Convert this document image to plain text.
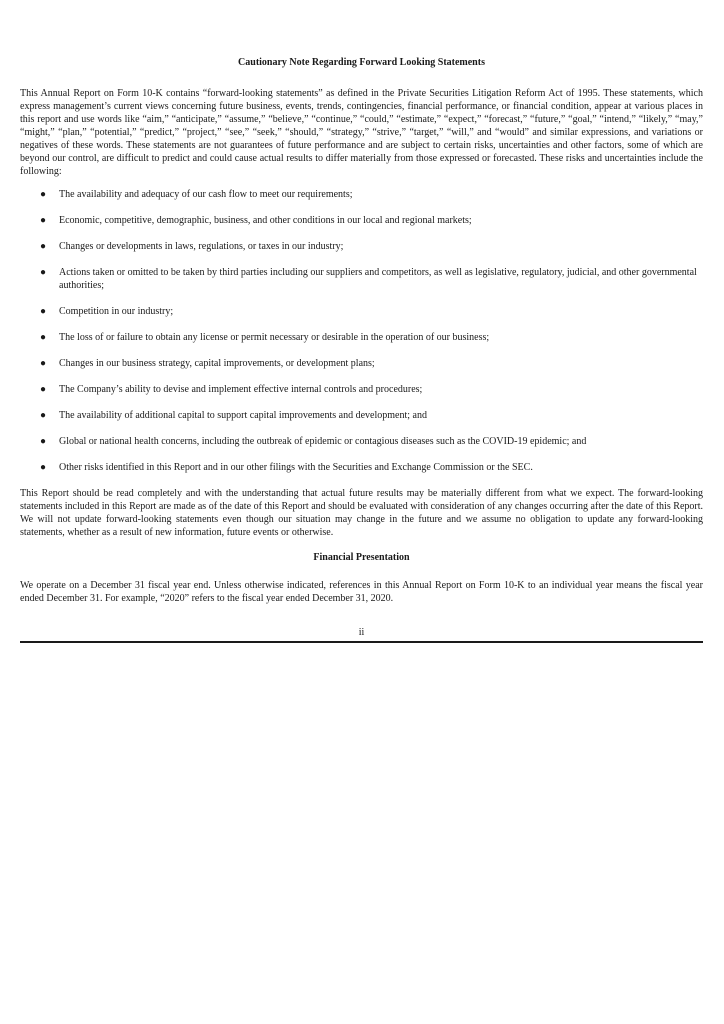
Cautionary Note Regarding Forward Looking Statements

This Annual Report on Form 10-K contains “forward-looking statements” as defined in the Private Securities Litigation Reform Act of 1995. These statements, which express management’s current views concerning future business, events, trends, contingencies, financial performance, or financial condition, appear at various places in this report and use words like “aim,” “anticipate,” “assume,” “believe,” “continue,” “could,” “estimate,” “expect,” “forecast,” “future,” “goal,” “intend,” “likely,” “may,” “might,” “plan,” “potential,” “predict,” “project,” “see,” “seek,” “should,” “strategy,” “strive,” “target,” “will,” and “would” and similar expressions, and variations or negatives of these words. These statements are not guarantees of future performance and are subject to certain risks, uncertainties and other factors, some of which are beyond our control, are difficult to predict and could cause actual results to differ materially from those expressed or forecasted. These risks and uncertainties include the following:

● The availability and adequacy of our cash flow to meet our requirements;
● Economic, competitive, demographic, business, and other conditions in our local and regional markets;
● Changes or developments in laws, regulations, or taxes in our industry;
● Actions taken or omitted to be taken by third parties including our suppliers and competitors, as well as legislative, regulatory, judicial, and other governmental authorities;
● Competition in our industry;
● The loss of or failure to obtain any license or permit necessary or desirable in the operation of our business;
● Changes in our business strategy, capital improvements, or development plans;
● The Company’s ability to devise and implement effective internal controls and procedures;
● The availability of additional capital to support capital improvements and development; and
● Global or national health concerns, including the outbreak of epidemic or contagious diseases such as the COVID-19 epidemic; and
● Other risks identified in this Report and in our other filings with the Securities and Exchange Commission or the SEC.

This Report should be read completely and with the understanding that actual future results may be materially different from what we expect. The forward-looking statements included in this Report are made as of the date of this Report and should be evaluated with consideration of any changes occurring after the date of this Report. We will not update forward-looking statements even though our situation may change in the future and we assume no obligation to update any forward-looking statements, whether as a result of new information, future events or otherwise.

Financial Presentation

We operate on a December 31 fiscal year end. Unless otherwise indicated, references in this Annual Report on Form 10-K to an individual year means the fiscal year ended December 31. For example, “2020” refers to the fiscal year ended December 31, 2020.

ii
